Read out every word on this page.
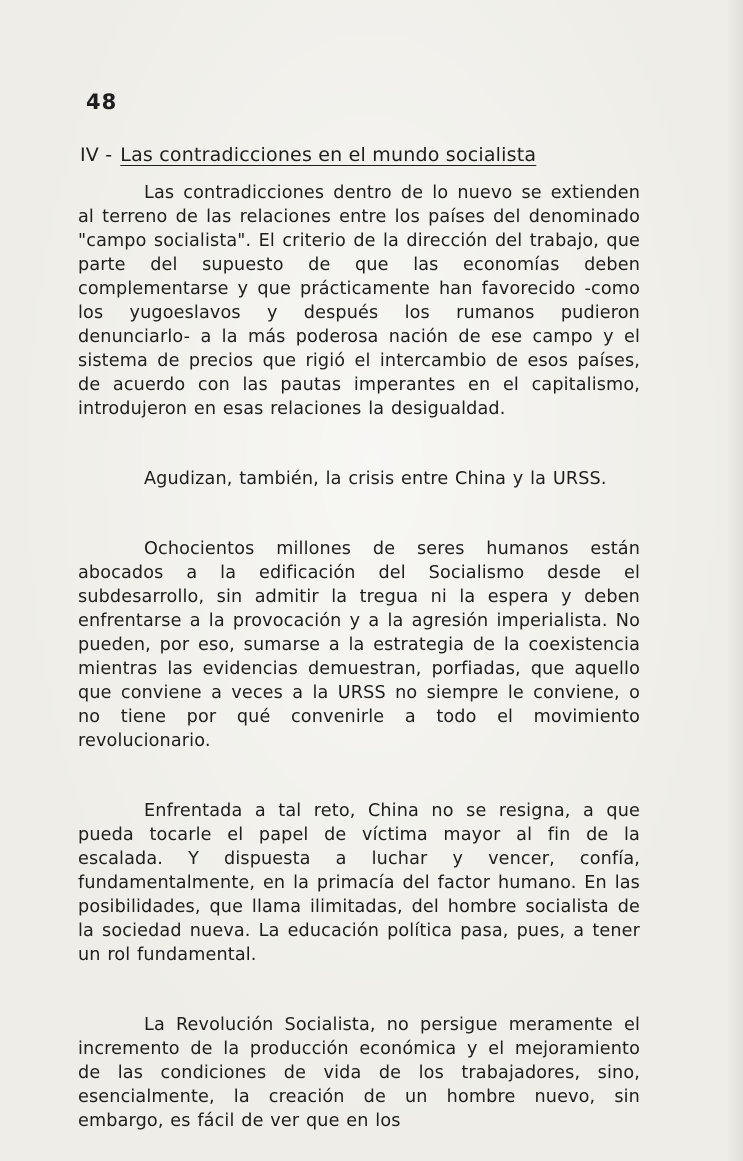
48
IV - Las contradicciones en el mundo socialista

Las contradicciones dentro de lo nuevo se extienden al terreno de las relaciones entre los países del denominado "campo socialista". El criterio de la dirección del trabajo, que parte del supuesto de que las economías deben complementarse y que prácticamente han favorecido -como los yugoeslavos y después los rumanos pudieron denunciarlo- a la más poderosa nación de ese campo y el sistema de precios que rigió el intercambio de esos países, de acuerdo con las pautas imperantes en el capitalismo, introdujeron en esas relaciones la desigualdad.

Agudizan, también, la crisis entre China y la URSS.

Ochocientos millones de seres humanos están abocados a la edificación del Socialismo desde el subdesarrollo, sin admitir la tregua ni la espera y deben enfrentarse a la provocación y a la agresión imperialista. No pueden, por eso, sumarse a la estrategia de la coexistencia mientras las evidencias demuestran, porfiadas, que aquello que conviene a veces a la URSS no siempre le conviene, o no tiene por qué convenirle a todo el movimiento revolucionario.

Enfrentada a tal reto, China no se resigna, a que pueda tocarle el papel de víctima mayor al fin de la escalada. Y dispuesta a luchar y vencer, confía, fundamentalmente, en la primacía del factor humano. En las posibilidades, que llama ilimitadas, del hombre socialista de la sociedad nueva. La educación política pasa, pues, a tener un rol fundamental.

La Revolución Socialista, no persigue meramente el incremento de la producción económica y el mejoramiento de las condiciones de vida de los trabajadores, sino, esencialmente, la creación de un hombre nuevo, sin embargo, es fácil de ver que en los
